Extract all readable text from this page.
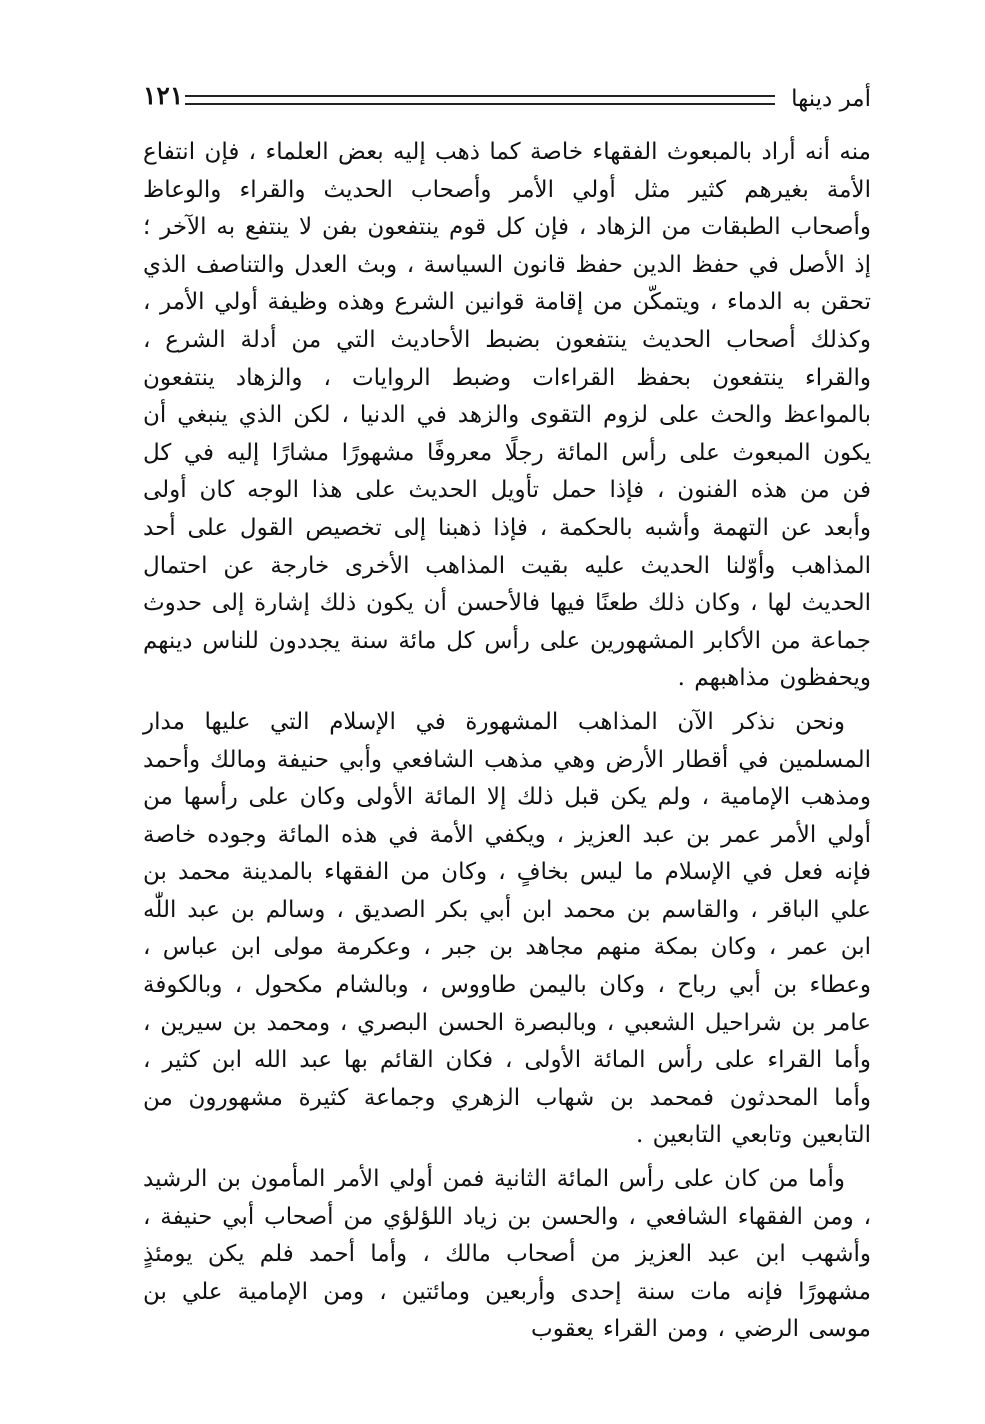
أمر دينها
١٢١

منه أنه أراد بالمبعوث الفقهاء خاصة كما ذهب إليه بعض العلماء ، فإن انتفاع الأمة بغيرهم كثير مثل أولي الأمر وأصحاب الحديث والقراء والوعاظ وأصحاب الطبقات من الزهاد ، فإن كل قوم ينتفعون بفن لا ينتفع به الآخر ؛ إذ الأصل في حفظ الدين حفظ قانون السياسة ، وبث العدل والتناصف الذي تحقن به الدماء ، ويتمكّن من إقامة قوانين الشرع وهذه وظيفة أولي الأمر ، وكذلك أصحاب الحديث ينتفعون بضبط الأحاديث التي من أدلة الشرع ، والقراء ينتفعون بحفظ القراءات وضبط الروايات ، والزهاد ينتفعون بالمواعظ والحث على لزوم التقوى والزهد في الدنيا ، لكن الذي ينبغي أن يكون المبعوث على رأس المائة رجلًا معروفًا مشهورًا مشارًا إليه في كل فن من هذه الفنون ، فإذا حمل تأويل الحديث على هذا الوجه كان أولى وأبعد عن التهمة وأشبه بالحكمة ، فإذا ذهبنا إلى تخصيص القول على أحد المذاهب وأوّلنا الحديث عليه بقيت المذاهب الأخرى خارجة عن احتمال الحديث لها ، وكان ذلك طعنًا فيها فالأحسن أن يكون ذلك إشارة إلى حدوث جماعة من الأكابر المشهورين على رأس كل مائة سنة يجددون للناس دينهم ويحفظون مذاهبهم .

ونحن نذكر الآن المذاهب المشهورة في الإسلام التي عليها مدار المسلمين في أقطار الأرض وهي مذهب الشافعي وأبي حنيفة ومالك وأحمد ومذهب الإمامية ، ولم يكن قبل ذلك إلا المائة الأولى وكان على رأسها من أولي الأمر عمر بن عبد العزيز ، ويكفي الأمة في هذه المائة وجوده خاصة فإنه فعل في الإسلام ما ليس بخافٍ ، وكان من الفقهاء بالمدينة محمد بن علي الباقر ، والقاسم بن محمد ابن أبي بكر الصديق ، وسالم بن عبد اللّٰه ابن عمر ، وكان بمكة منهم مجاهد بن جبر ، وعكرمة مولى ابن عباس ، وعطاء بن أبي رباح ، وكان باليمن طاووس ، وبالشام مكحول ، وبالكوفة عامر بن شراحيل الشعبي ، وبالبصرة الحسن البصري ، ومحمد بن سيرين ، وأما القراء على رأس المائة الأولى ، فكان القائم بها عبد الله ابن كثير ، وأما المحدثون فمحمد بن شهاب الزهري وجماعة كثيرة مشهورون من التابعين وتابعي التابعين .

وأما من كان على رأس المائة الثانية فمن أولي الأمر المأمون بن الرشيد ، ومن الفقهاء الشافعي ، والحسن بن زياد اللؤلؤي من أصحاب أبي حنيفة ، وأشهب ابن عبد العزيز من أصحاب مالك ، وأما أحمد فلم يكن يومئذٍ مشهورًا فإنه مات سنة إحدى وأربعين ومائتين ، ومن الإمامية علي بن موسى الرضي ، ومن القراء يعقوب
